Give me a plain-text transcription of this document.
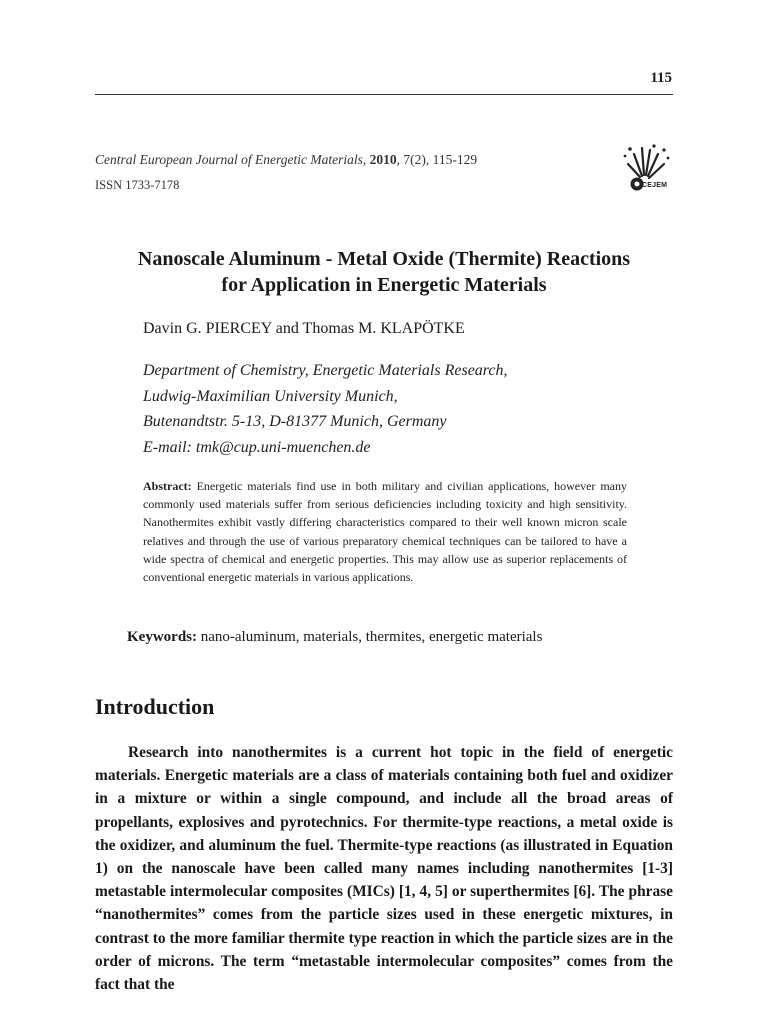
115
Central European Journal of Energetic Materials, 2010, 7(2), 115-129
ISSN 1733-7178	CEJEM
Nanoscale Aluminum - Metal Oxide (Thermite) Reactions
for Application in Energetic Materials
Davin G. PIERCEY and Thomas M. KLAPÖTKE
Department of Chemistry, Energetic Materials Research,
Ludwig-Maximilian University Munich,
Butenandtstr. 5-13, D-81377 Munich, Germany
E-mail: tmk@cup.uni-muenchen.de
Abstract: Energetic materials find use in both military and civilian applications, however many commonly used materials suffer from serious deficiencies including toxicity and high sensitivity. Nanothermites exhibit vastly differing characteristics compared to their well known micron scale relatives and through the use of various preparatory chemical techniques can be tailored to have a wide spectra of chemical and energetic properties. This may allow use as superior replacements of conventional energetic materials in various applications.
Keywords: nano-aluminum, materials, thermites, energetic materials
Introduction

Research into nanothermites is a current hot topic in the field of energetic materials. Energetic materials are a class of materials containing both fuel and oxidizer in a mixture or within a single compound, and include all the broad areas of propellants, explosives and pyrotechnics. For thermite-type reactions, a metal oxide is the oxidizer, and aluminum the fuel. Thermite-type reactions (as illustrated in Equation 1) on the nanoscale have been called many names including nanothermites [1-3] metastable intermolecular composites (MICs) [1, 4, 5] or superthermites [6]. The phrase “nanothermites” comes from the particle sizes used in these energetic mixtures, in contrast to the more familiar thermite type reaction in which the particle sizes are in the order of microns. The term “metastable intermolecular composites” comes from the fact that the
